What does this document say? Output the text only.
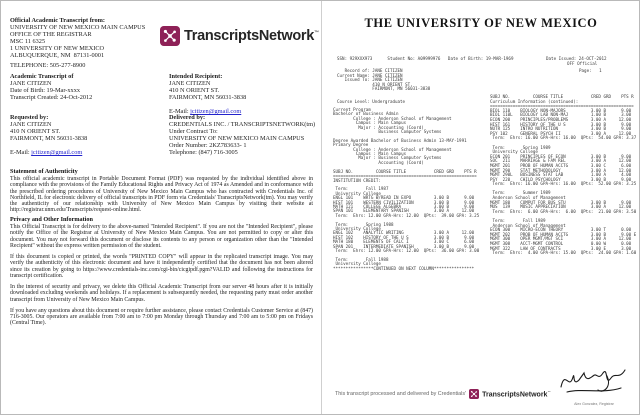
Official Academic Transcript from:
UNIVERSITY OF NEW MEXICO MAIN CAMPUS
OFFICE OF THE REGISTRAR
MSC 11 6325
1 UNIVERSITY OF NEW MEXICO
ALBUQUERQUE, NM  87131-0001
TELEPHONE: 505-277-8900
TranscriptsNetwork™
Academic Transcript of
JANE CITIZEN
Date of Birth: 19-Mar-xxxx
Transcript Created: 24-Oct-2012
Intended Recipient:
JANE CITIZEN
410 N ORIENT ST.
FAIRMONT, MN 56031-3838
E-Mail: jcitizen@gmail.com
Requested by:
JANE CITIZEN
410 N ORIENT ST.
FAIRMONT, MN 56031-3838
E-Mail: jcitizen@gmail.com
Delivered by:
CREDENTIALS INC. / TRANSCRIPTSNETWORK(tm)
Under Contract To:
UNIVERSITY OF NEW MEXICO MAIN CAMPUS
Order Number: 2KZ783633- 1
Telephone: (847) 716-3005
Statement of Authenticity
This official academic transcript in Portable Document Format (PDF) was requested by the individual identified above in compliance with the provisions of the Family Educational Rights and Privacy Act of 1974 as Amended and in conformance with the prescribed ordering procedures of University of New Mexico Main Campus who has contracted with Credentials Inc. of Northfield, IL for electronic delivery of official transcripts in PDF form via Credentials' TranscriptsNetwork(tm). You may verify the authenticity of our relationship with University of New Mexico Main Campus by visiting their website at http://registrar.unm.edu/Transcripts/request-online.html.
Privacy and Other Information
This Official Transcript is for delivery to the above-named "Intended Recipient". If you are not the "Intended Recipient", please notify the Office of the Registrar at University of New Mexico Main Campus. You are not permitted to copy or alter this document. You may not forward this document or disclose its contents to any person or organization other than the "Intended Recipient" without the express written permission of the student.
If this document is copied or printed, the words "PRINTED COPY" will appear in the replicated transcript image. You may verify the authenticity of this electronic document and have it independently certified that the document has not been altered since its creation by going to https://www.credentials-inc.com/cgi-bin/cicgipdf.pgm?VALID and following the instructions for transcript certification.
In the interest of security and privacy, we delete this Official Academic Transcript from our server 48 hours after it is initially downloaded excluding weekends and holidays. If a replacement is subsequently needed, the requesting party must order another transcript from University of New Mexico Main Campus.
If you have any questions about this document or require further assistance, please contact Credentials Customer Service at (847) 716-3005. Our operators are available from 7:00 am to 7:00 pm Monday through Thursday and 7:00 am to 5:00 pm on Fridays (Central Time).
THE UNIVERSITY OF NEW MEXICO
SSN: 929XXX973      Student No: A09999976   Date of Birth: 19-MAR-1969	Date Issued: 24-OCT-2012
OFF Official
Page:   1
Record of: JANE CITIZEN
Current Name: JANE CITIZEN
Issued To: JANE CITIZEN
410 N ORIENT ST.
FAIRMONT, MN 56031-3838
Course Level: Undergraduate
Current Program
Bachelor of Business Admin
College : Anderson School of Management
Campus : Main Campus
Major : Accounting (Coord)
Business Computer Systems

Degree Awarded Bachelor of Business Admin 13-MAY-1991
Primary Degree
College : Anderson School of Management
Campus : Main Campus
Major : Business Computer Systems
Accounting (Coord)

SUBJ NO.         COURSE TITLE           CRED GRD    PTS R
=========================================================
INSTITUTION CREDIT:

Term:       Fall 1987
University College
ENGL 101    WRTG W/READ IN EXPO         3.00 B      9.00
HIST 101    WESTERN CIVILIZATION        3.00 B      9.00
MATH 121    COLLEGE ALGEBRA             3.00 B      9.00
SPAN 101    ELEMENTARY SPANISH          3.00 A     12.00
Term:  Ehrs: 12.00 GPA-Hrs: 12.00  QPts:  39.00 GPA: 3.25

Term:       Spring 1988
University College
ENGL 102    ANALYTIC WRITING            3.00 A     12.00
HIST 102    HISTORY OF THE U S          3.00 B      9.00
MATH 180    ELEMENTS OF CALC I          3.00 C      6.00
SPAN 201    INTERMEDIATE SPANISH        3.00 B      9.00
Term:  Ehrs: 12.00 GPA-Hrs: 12.00  QPts:  36.00 GPA: 3.00

Term:       Fall 1988
University College
****************CONTINUED ON NEXT COLUMN****************
SUBJ NO.         COURSE TITLE           CRED GRD    PTS R
Curriculum Information (continued):
=========================================================
BIOL 110    BIOLOGY NON-MAJORS          3.00 B      9.00
BIOL 110L   BIOLOGY LAB NON-MAJ         1.00 B      3.00
ECON 200    PRINCIPLES/PROBLEMS         3.00 A     12.00
HIST 161    HISTORY OF THE U S          3.00 B      9.00
NUTR 125    INTRO NUTRITION             3.00 B      9.00
PSY 102     GENERAL PSYCH II            3.00 A     12.00
Term:  Ehrs: 16.00 GPA-Hrs: 16.00  QPts:  54.00 GPA: 3.37

Term:       Spring 1989
University College
ECON 201    PRINCIPLES OF ECON          3.00 B      9.00
SOC  211    MARRIAGE & FAM REL          3.00 A     12.00
MGMT 201    PROB OF HUMAN ACCTG         3.00 C      6.00
MGMT 290    STAT METHODOLOGY            3.00 A     12.00
MGMT 290L   BUSINESS STAT LAB           1.00 A      4.00
PSY  220    CHILD PSYCHOLOGY            3.00 B      9.00
Term:  Ehrs: 16.00 GPA-Hrs: 16.00  QPts:  52.00 GPA: 3.25

Term:       Summer 1989
Anderson School of Management
MGMT 180    COMPUT FOR BUS STU          3.00 B      9.00
MUS  139    MUSIC APPRECIATION          3.00 A     12.00
Term:  Ehrs:  6.00 GPA-Hrs:  6.00  QPts:  21.00 GPA: 3.50

Term:       Fall 1989
Anderson School of Management
ECON 300    MICRO-ECON THEORY           3.00 T      0.00
MGMT 202    PROB OF HUMAN ACCTG         3.00 B      9.00 E
MGMT 300    OPER MGMT/MGT SCI           3.00 A     12.00
MGMT 308    ACCT-MGMT CONTROL           0.00 W      0.00
MGMT 322    LAW OF CONTRACTS            3.00 E      3.00
Term:  Ehrs:  4.00 GPA-Hrs: 15.00  QPts:  24.00 GPA: 1.60
Alex Gonzalez, Registrar
This transcript processed and delivered by Credentials' TranscriptsNetwork™
